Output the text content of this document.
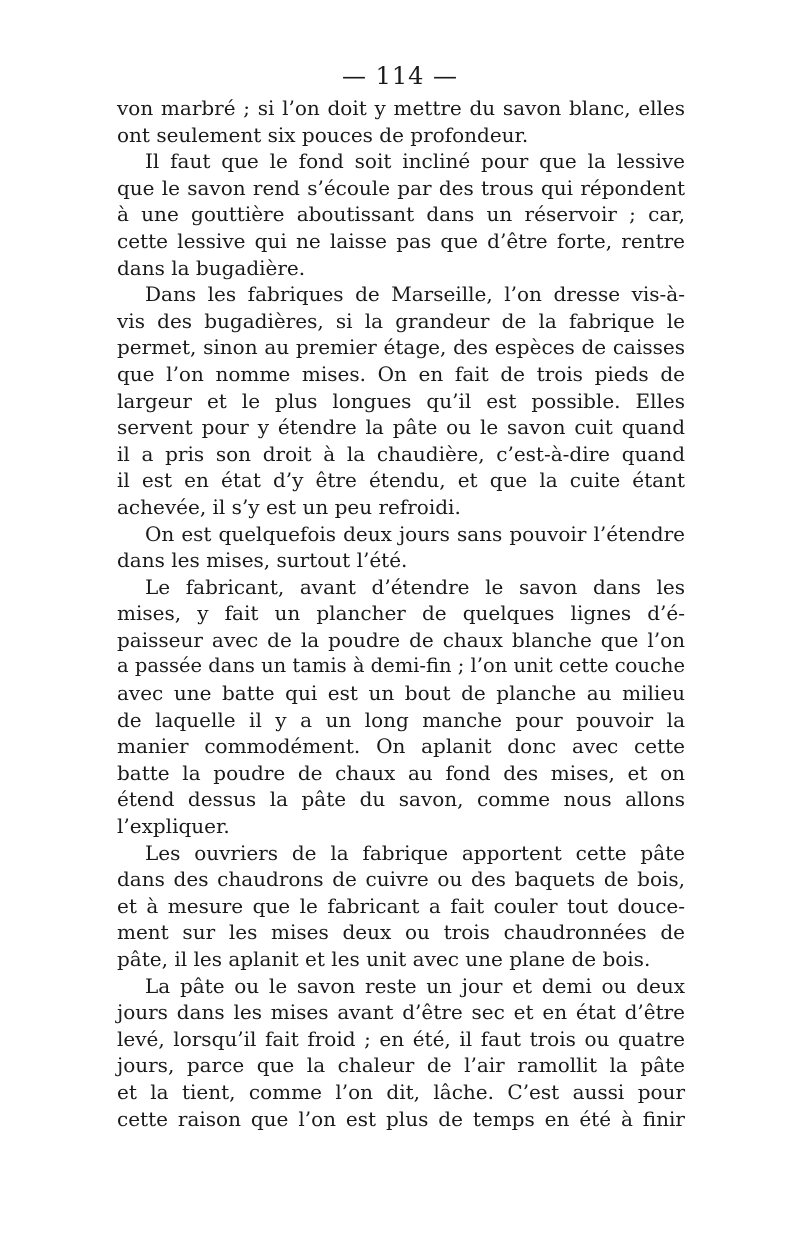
— 114 —
von marbré ; si l’on doit y mettre du savon blanc, elles
ont seulement six pouces de profondeur.
Il faut que le fond soit incliné pour que la lessive
que le savon rend s’écoule par des trous qui répondent
à une gouttière aboutissant dans un réservoir ; car,
cette lessive qui ne laisse pas que d’être forte, rentre
dans la bugadière.
Dans les fabriques de Marseille, l’on dresse vis-à-
vis des bugadières, si la grandeur de la fabrique le
permet, sinon au premier étage, des espèces de caisses
que l’on nomme mises. On en fait de trois pieds de
largeur et le plus longues qu’il est possible. Elles
servent pour y étendre la pâte ou le savon cuit quand
il a pris son droit à la chaudière, c’est-à-dire quand
il est en état d’y être étendu, et que la cuite étant
achevée, il s’y est un peu refroidi.
On est quelquefois deux jours sans pouvoir l’étendre
dans les mises, surtout l’été.
Le fabricant, avant d’étendre le savon dans les
mises, y fait un plancher de quelques lignes d’é-
paisseur avec de la poudre de chaux blanche que l’on
a passée dans un tamis à demi-fin ; l’on unit cette couche
avec une batte qui est un bout de planche au milieu
de laquelle il y a un long manche pour pouvoir la
manier commodément. On aplanit donc avec cette
batte la poudre de chaux au fond des mises, et on
étend dessus la pâte du savon, comme nous allons
l’expliquer.
Les ouvriers de la fabrique apportent cette pâte
dans des chaudrons de cuivre ou des baquets de bois,
et à mesure que le fabricant a fait couler tout douce-
ment sur les mises deux ou trois chaudronnées de
pâte, il les aplanit et les unit avec une plane de bois.
La pâte ou le savon reste un jour et demi ou deux
jours dans les mises avant d’être sec et en état d’être
levé, lorsqu’il fait froid ; en été, il faut trois ou quatre
jours, parce que la chaleur de l’air ramollit la pâte
et la tient, comme l’on dit, lâche. C’est aussi pour
cette raison que l’on est plus de temps en été à finir
